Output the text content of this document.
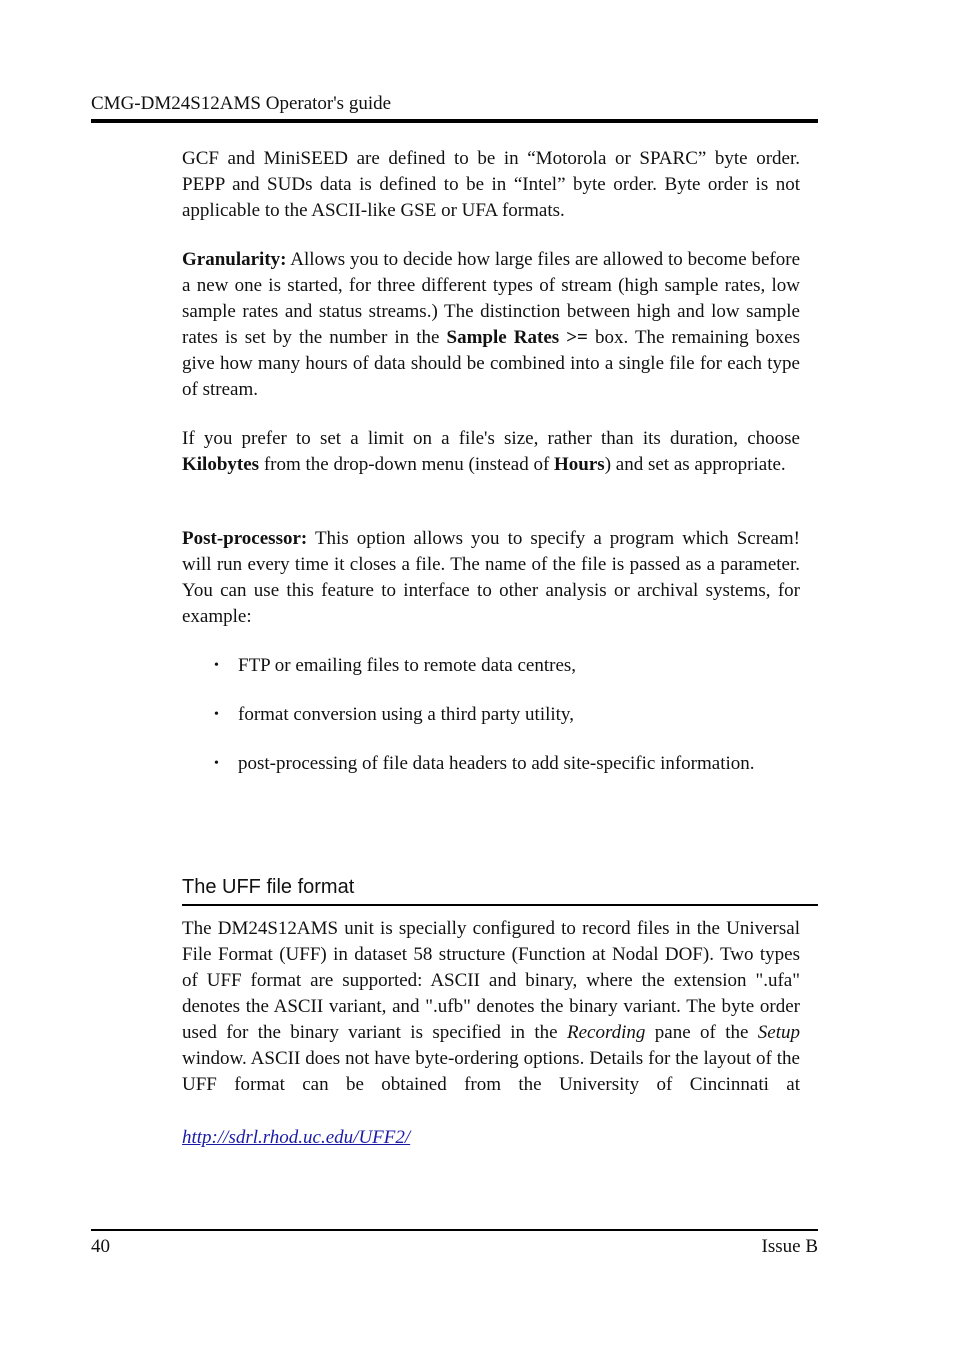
CMG-DM24S12AMS Operator's guide

GCF and MiniSEED are defined to be in “Motorola or SPARC” byte order. PEPP and SUDs data is defined to be in “Intel” byte order. Byte order is not applicable to the ASCII-like GSE or UFA formats.

Granularity: Allows you to decide how large files are allowed to become before a new one is started, for three different types of stream (high sample rates, low sample rates and status streams.) The distinction between high and low sample rates is set by the number in the Sample Rates >= box. The remaining boxes give how many hours of data should be combined into a single file for each type of stream.

If you prefer to set a limit on a file's size, rather than its duration, choose Kilobytes from the drop-down menu (instead of Hours) and set as appropriate.

Post-processor: This option allows you to specify a program which Scream! will run every time it closes a file. The name of the file is passed as a parameter. You can use this feature to interface to other analysis or archival systems, for example:

• FTP or emailing files to remote data centres,

• format conversion using a third party utility,

• post-processing of file data headers to add site-specific information.

The UFF file format

The DM24S12AMS unit is specially configured to record files in the Universal File Format (UFF) in dataset 58 structure (Function at Nodal DOF). Two types of UFF format are supported: ASCII and binary, where the extension ".ufa" denotes the ASCII variant, and ".ufb" denotes the binary variant. The byte order used for the binary variant is specified in the Recording pane of the Setup window. ASCII does not have byte-ordering options. Details for the layout of the UFF format can be obtained from the University of Cincinnati at

http://sdrl.rhod.uc.edu/UFF2/
40	Issue B
